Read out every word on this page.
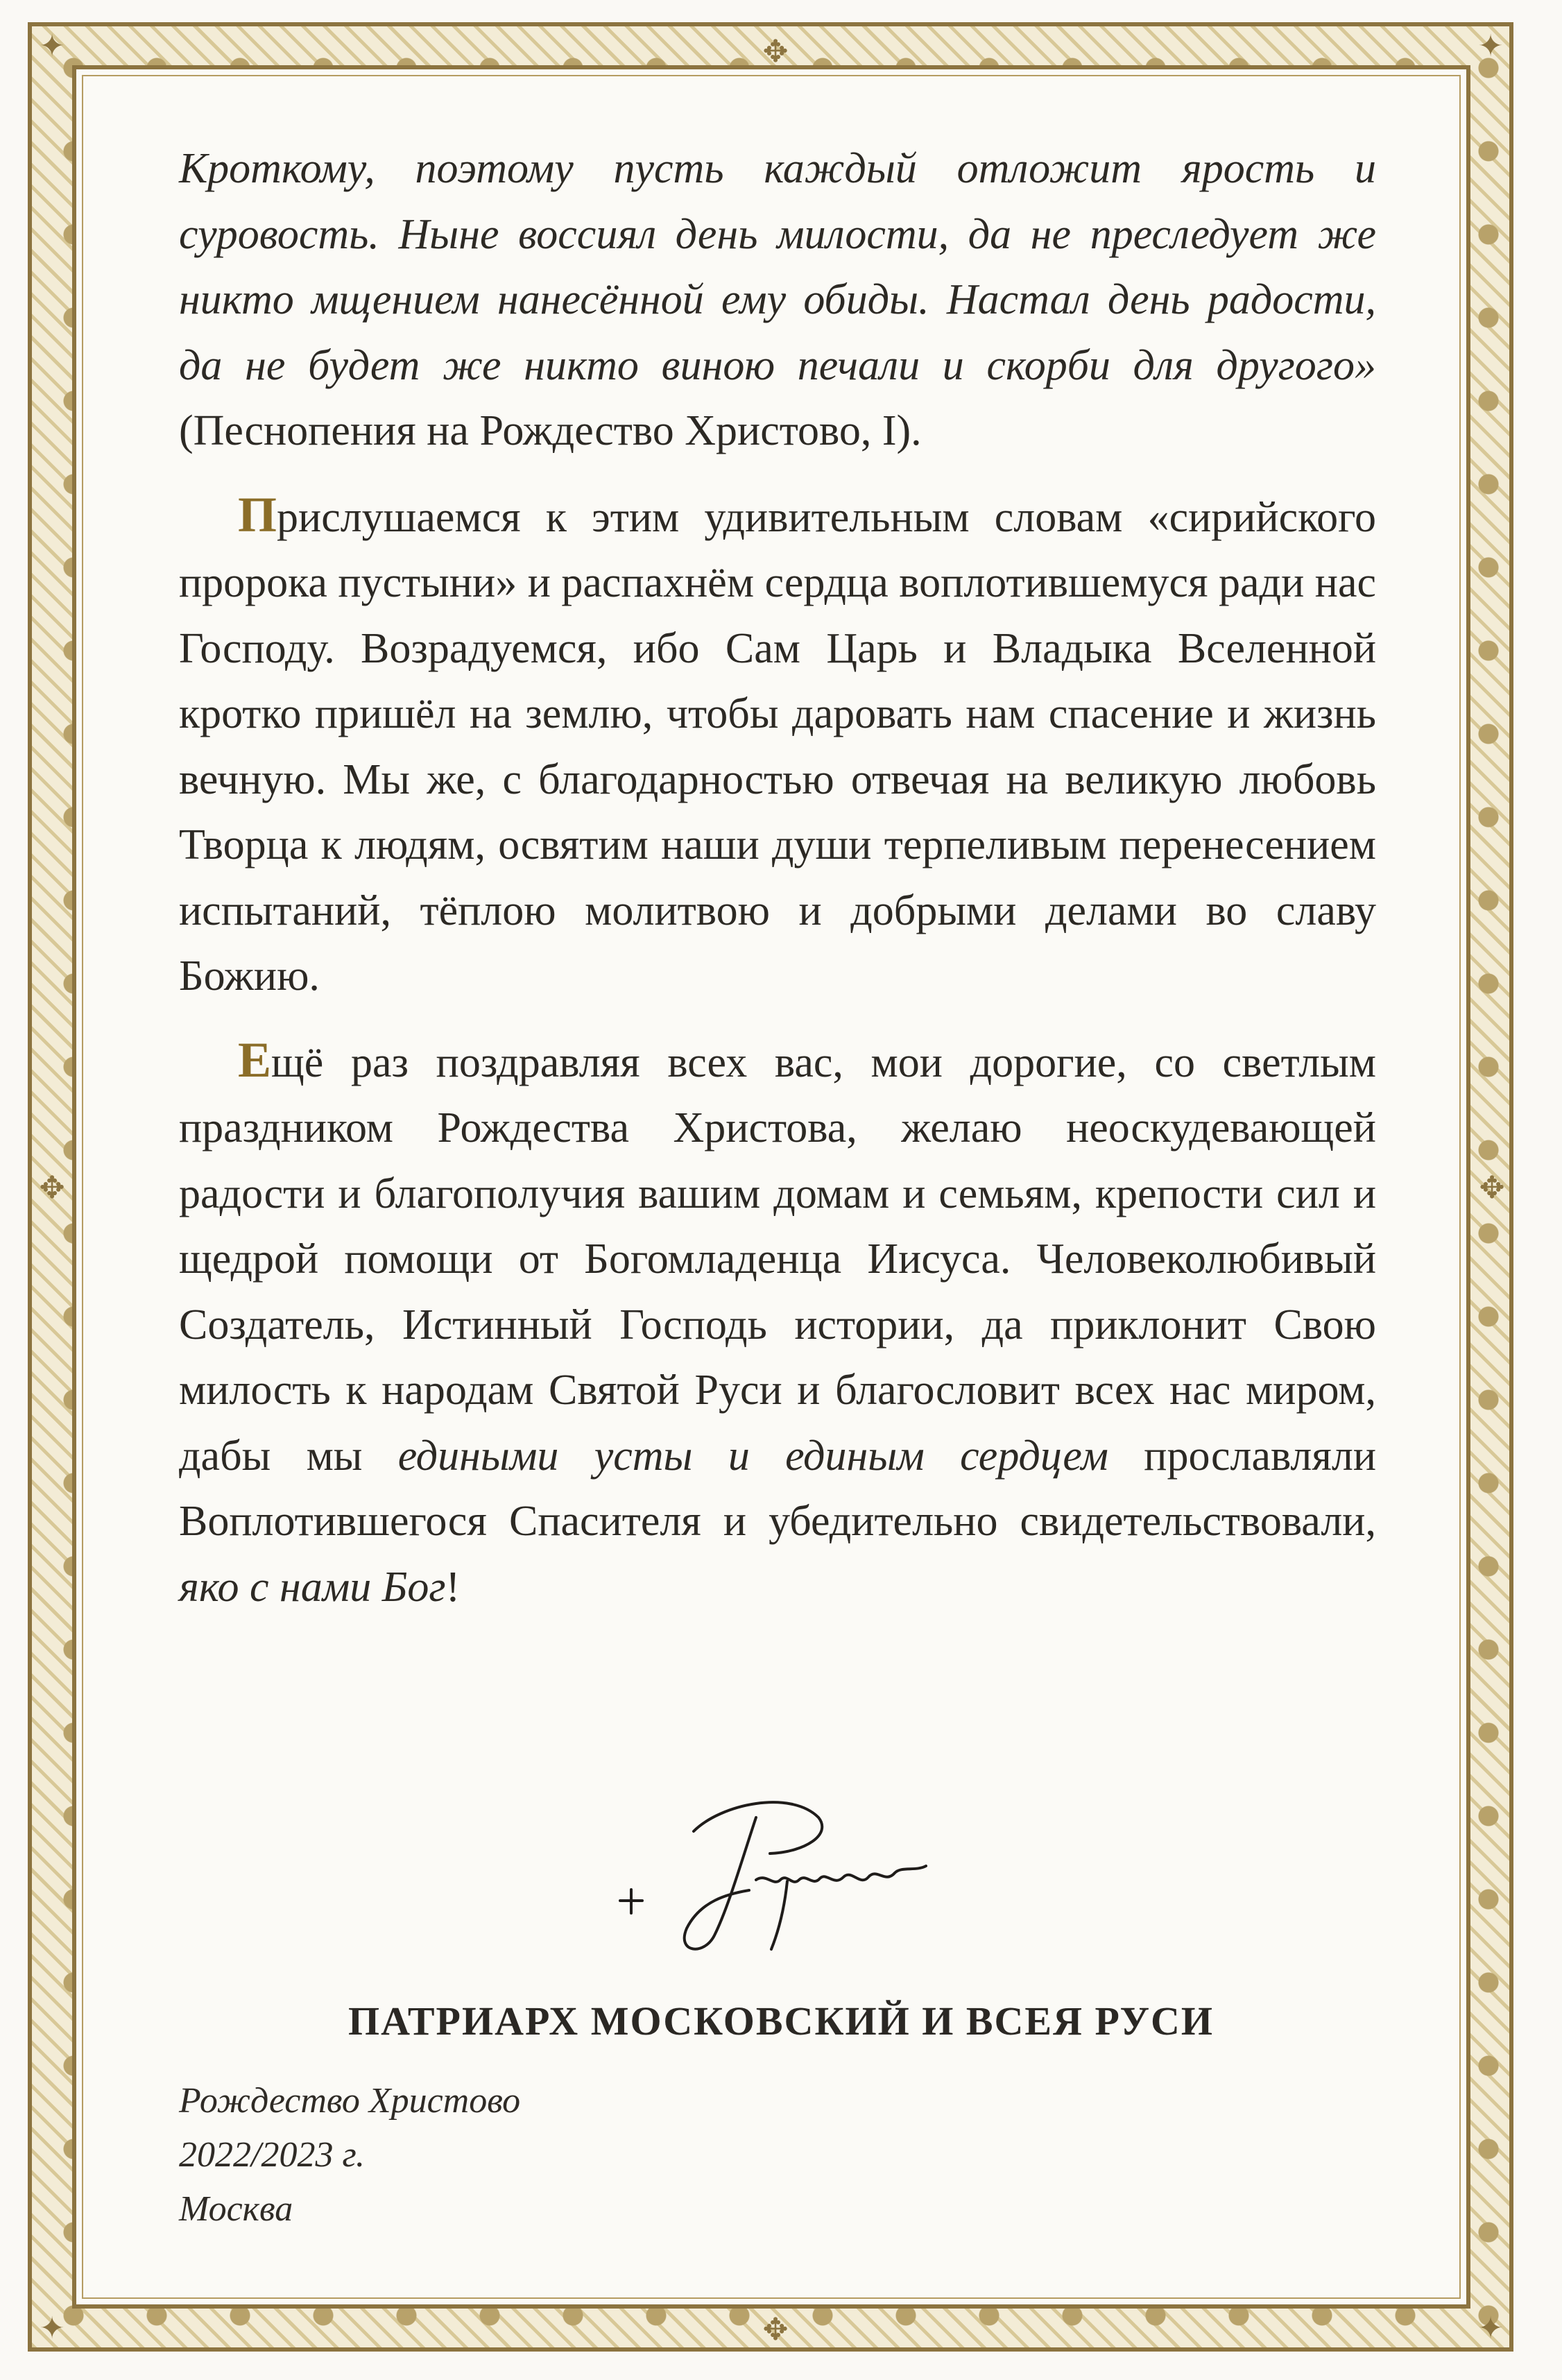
✥
✥
✥	✥
✦	✦
✦	✦

Кроткому, поэтому пусть каждый отложит ярость и суровость. Ныне воссиял день милости, да не преследует же никто мщением нанесённой ему обиды. Настал день радости, да не будет же никто виною печали и скорби для другого» (Песнопения на Рождество Христово, I).

Прислушаемся к этим удивительным словам «сирийского пророка пустыни» и распахнём сердца воплотившемуся ради нас Господу. Возрадуемся, ибо Сам Царь и Владыка Вселенной кротко пришёл на землю, чтобы даровать нам спасение и жизнь вечную. Мы же, с благодарностью отвечая на великую любовь Творца к людям, освятим наши души терпеливым перенесением испытаний, тёплою молитвою и добрыми делами во славу Божию.

Ещё раз поздравляя всех вас, мои дорогие, со светлым праздником Рождества Христова, желаю неоскудевающей радости и благополучия вашим домам и семьям, крепости сил и щедрой помощи от Богомладенца Иисуса. Человеколюбивый Создатель, Истинный Господь истории, да приклонит Свою милость к народам Святой Руси и благословит всех нас миром, дабы мы едиными усты и единым сердцем прославляли Воплотившегося Спасителя и убедительно свидетельствовали, яко с нами Бог!

ПАТРИАРХ МОСКОВСКИЙ И ВСЕЯ РУСИ
Рождество Христово
2022/2023 г.
Москва
